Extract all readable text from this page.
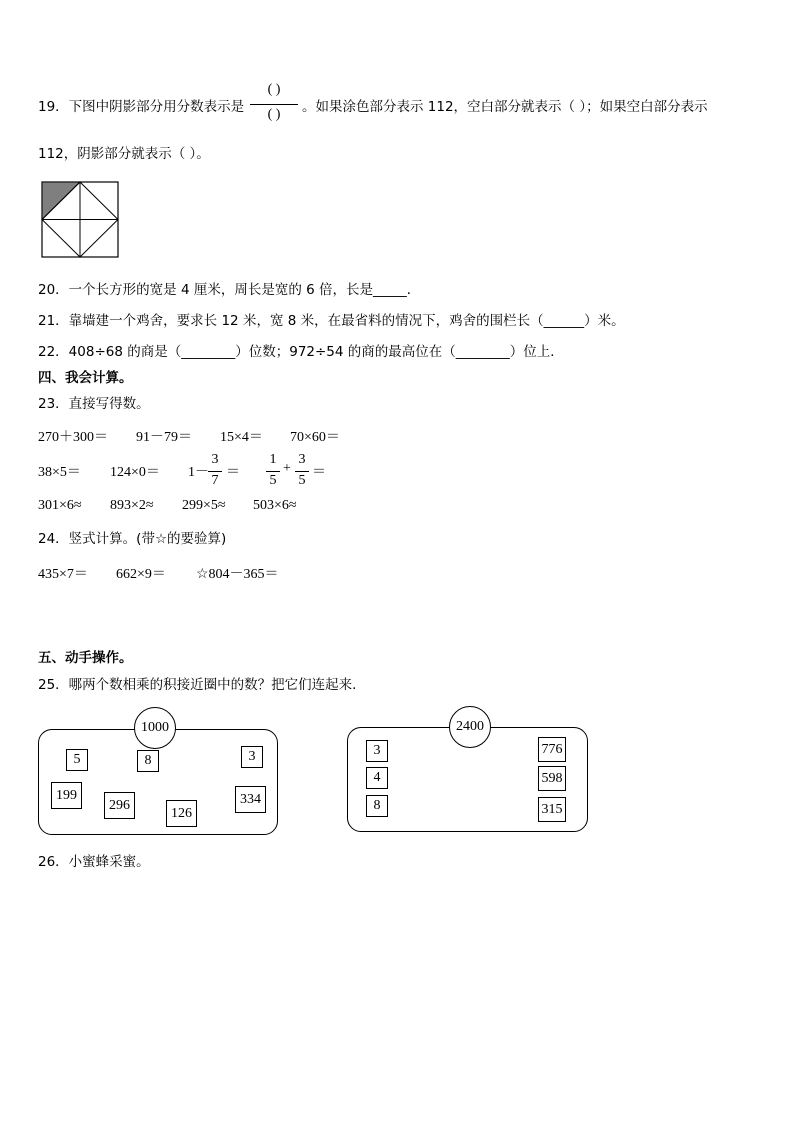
19．下图中阴影部分用分数表示是
( )
( )	。如果涂色部分表示 112，空白部分就表示（ ）；如果空白部分表示
112，阴影部分就表示（ ）。
20．一个长方形的宽是 4 厘米，周长是宽的 6 倍，长是_____．
21．靠墙建一个鸡舍，要求长 12 米，宽 8 米，在最省料的情况下，鸡舍的围栏长（______）米。
22．408÷68 的商是（________）位数；972÷54 的商的最高位在（________）位上．
四、我会计算。
23．直接写得数。
270＋300＝ 91－79＝ 15×4＝ 70×60＝
38×5＝ 124×0＝ 1－
3
7
＝
1
5
+
3
5
＝
301×6≈ 893×2≈ 299×5≈ 503×6≈
24．竖式计算。(带☆的要验算)
435×7＝ 662×9＝ ☆804－365＝
五、动手操作。
25．哪两个数相乘的积接近圈中的数？把它们连起来．
1000
5	8	3
199
296
126
334
2400
3
4
8
776
598
315
26．小蜜蜂采蜜。
